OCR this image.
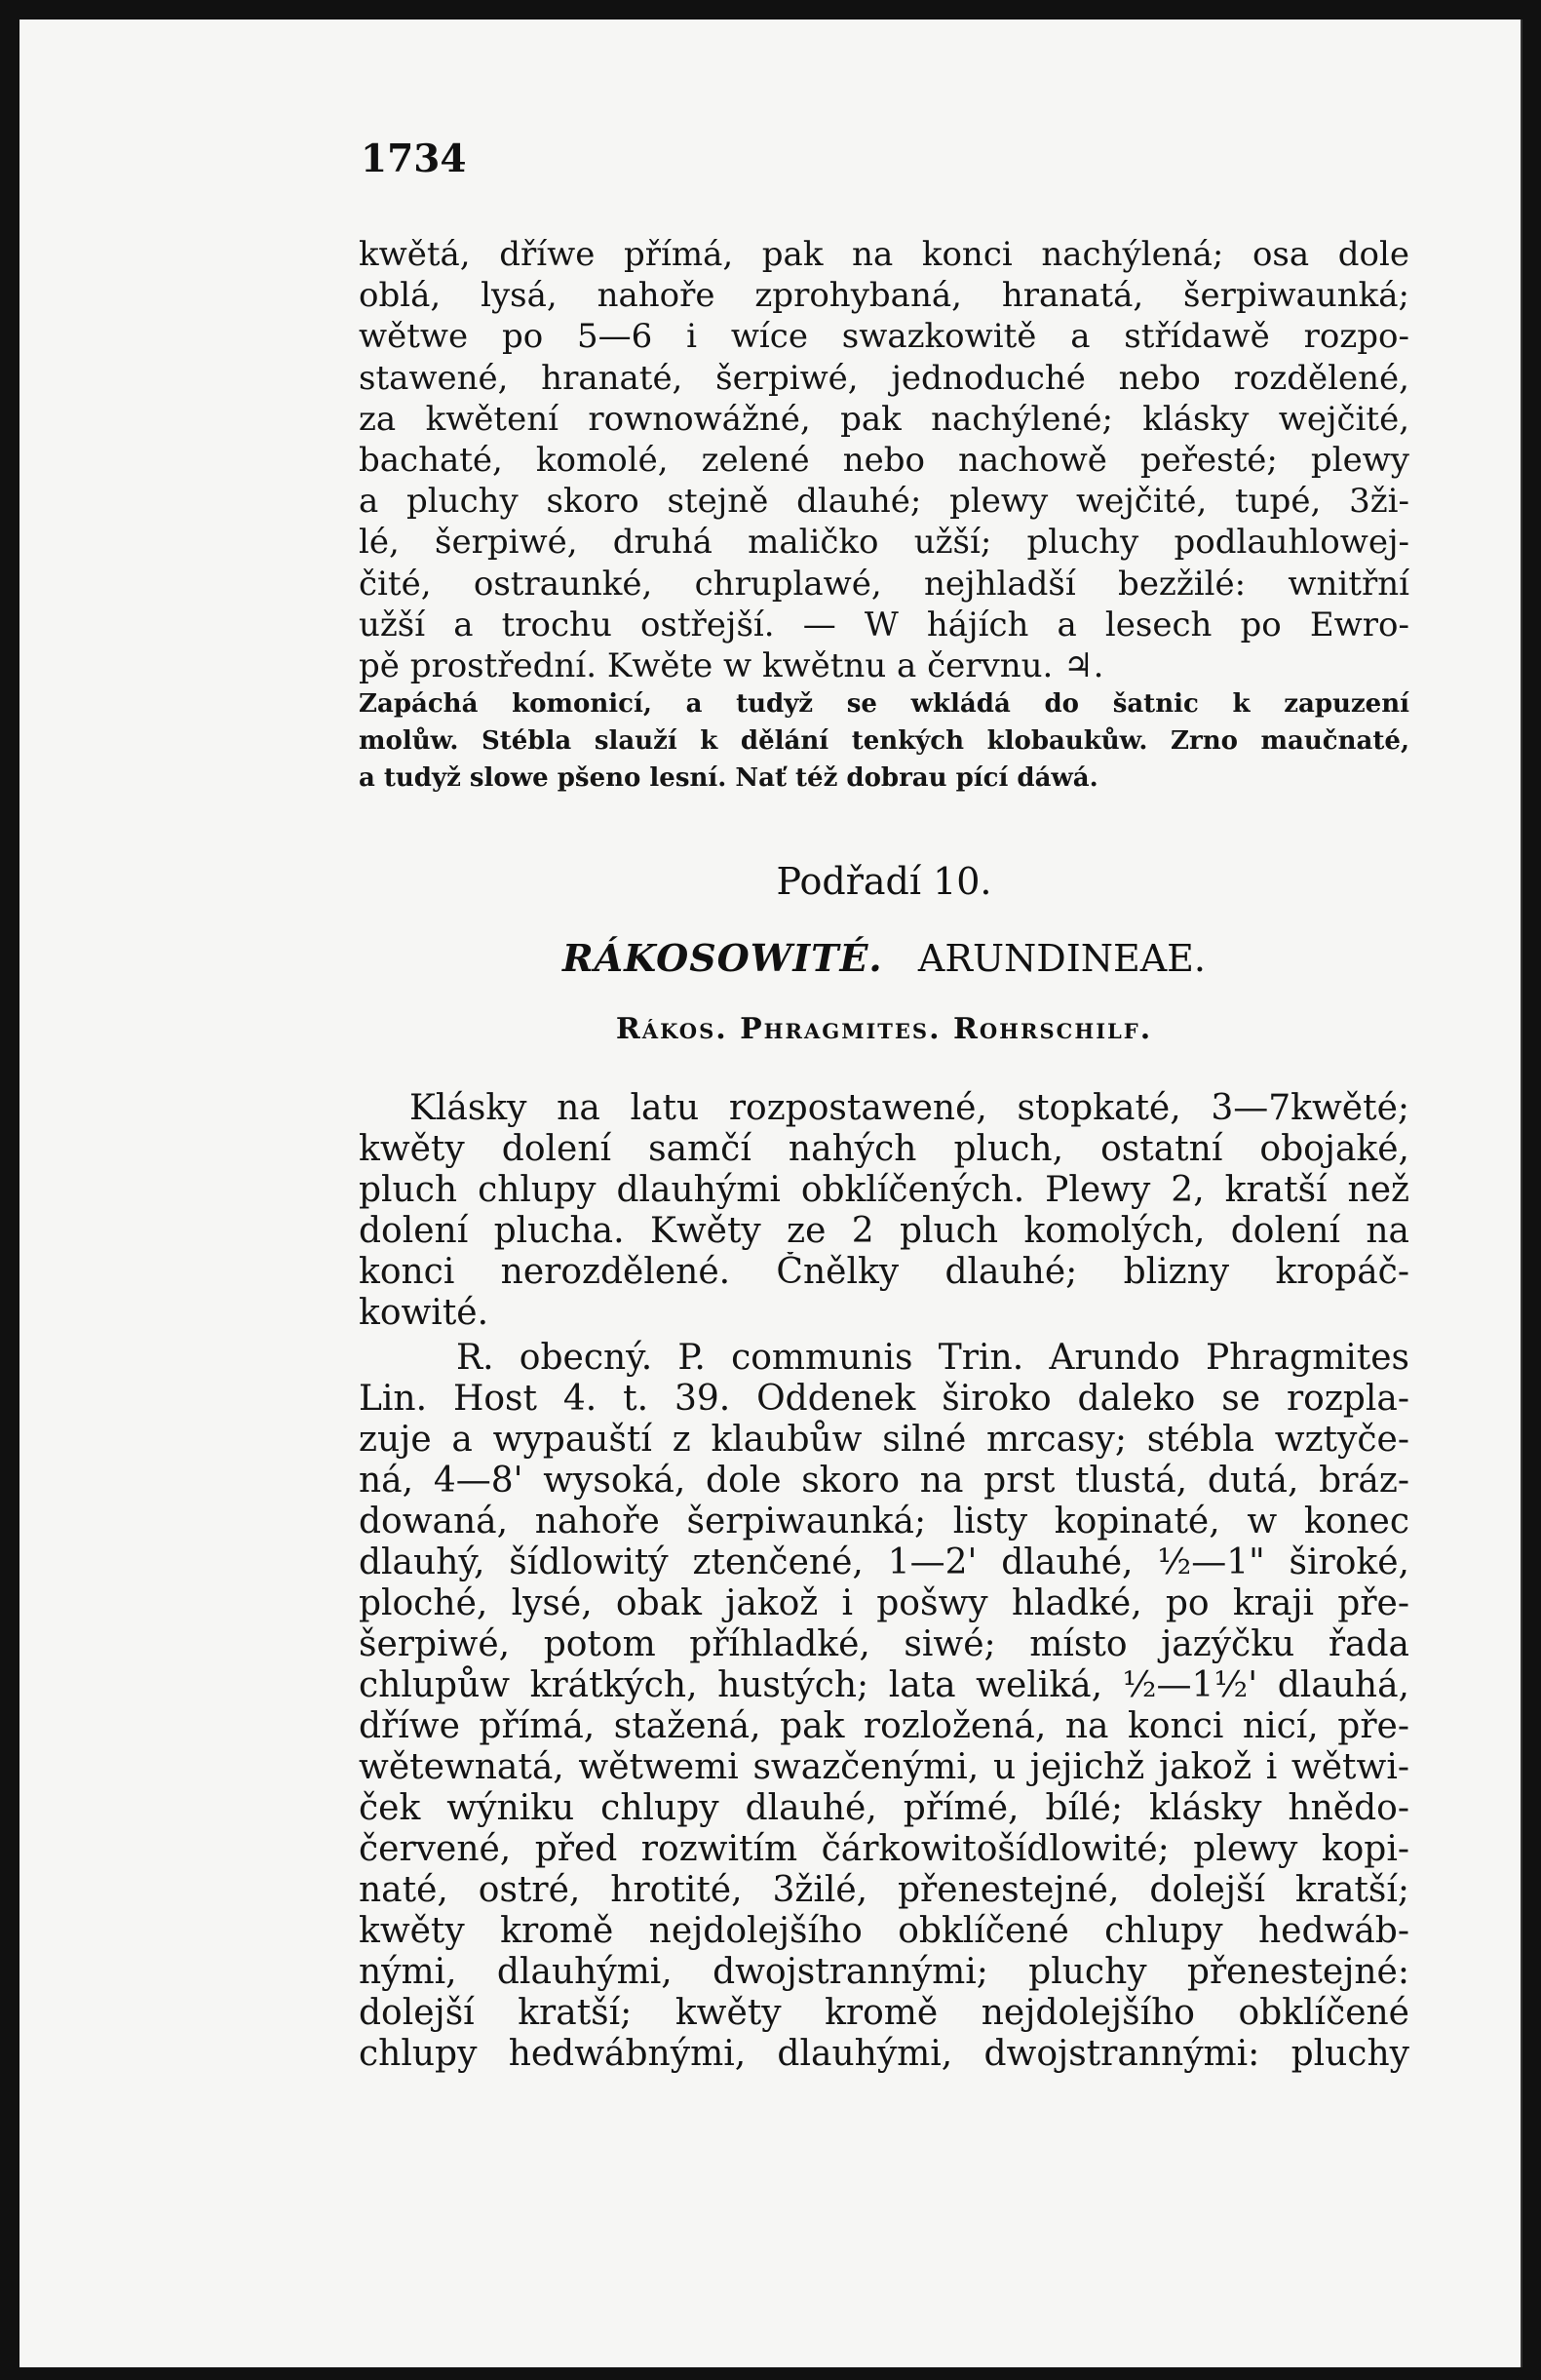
1734
kwětá, dříwe přímá, pak na konci nachýlená; osa dole
oblá, lysá, nahoře zprohybaná, hranatá, šerpiwaunká;
wětwe po 5—6 i wíce swazkowitě a střídawě rozpo-
stawené, hranaté, šerpiwé, jednoduché nebo rozdělené,
za kwětení rownowážné, pak nachýlené; klásky wejčité,
bachaté, komolé, zelené nebo nachowě peřesté; plewy
a pluchy skoro stejně dlauhé; plewy wejčité, tupé, 3ži-
lé, šerpiwé, druhá maličko užší; pluchy podlauhlowej-
čité, ostraunké, chruplawé, nejhladší bezžilé: wnitřní
užší a trochu ostřejší. — W hájích a lesech po Ewro-
pě prostřední. Kwěte w kwětnu a červnu. ♃.
Zapáchá komonicí, a tudyž se wkládá do šatnic k zapuzení
molůw. Stébla slauží k dělání tenkých klobaukůw. Zrno maučnaté,
a tudyž slowe pšeno lesní. Nať též dobrau pící dáwá.
Podřadí 10.
RÁKOSOWITÉ. ARUNDINEAE.
Rákos. Phragmites. Rohrschilf.
Klásky na latu rozpostawené, stopkaté, 3—7kwěté;
kwěty dolení samčí nahých pluch, ostatní obojaké,
pluch chlupy dlauhými obklíčených. Plewy 2, kratší než
dolení plucha. Kwěty ze 2 pluch komolých, dolení na
konci nerozdělené. Čnělky dlauhé; blizny kropáč-
kowité.
R. obecný. P. communis Trin. Arundo Phragmites
Lin. Host 4. t. 39. Oddenek široko daleko se rozpla-
zuje a wypauští z klaubůw silné mrcasy; stébla wztyče-
ná, 4—8' wysoká, dole skoro na prst tlustá, dutá, bráz-
dowaná, nahoře šerpiwaunká; listy kopinaté, w konec
dlauhý, šídlowitý ztenčené, 1—2' dlauhé, ½—1" široké,
ploché, lysé, obak jakož i pošwy hladké, po kraji pře-
šerpiwé, potom příhladké, siwé; místo jazýčku řada
chlupůw krátkých, hustých; lata weliká, ½—1½' dlauhá,
dříwe přímá, stažená, pak rozložená, na konci nicí, pře-
wětewnatá, wětwemi swazčenými, u jejichž jakož i wětwi-
ček wýniku chlupy dlauhé, přímé, bílé; klásky hnědo-
červené, před rozwitím čárkowitošídlowité; plewy kopi-
naté, ostré, hrotité, 3žilé, přenestejné, dolejší kratší;
kwěty kromě nejdolejšího obklíčené chlupy hedwáb-
nými, dlauhými, dwojstrannými; pluchy přenestejné:
dolejší kratší; kwěty kromě nejdolejšího obklíčené
chlupy hedwábnými, dlauhými, dwojstrannými: pluchy
